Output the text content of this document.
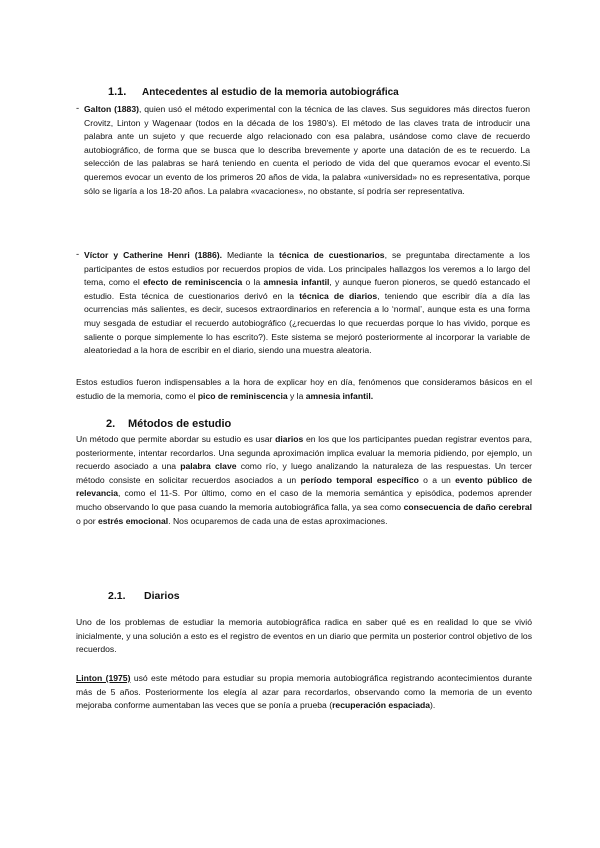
1.1. Antecedentes al estudio de la memoria autobiográfica
- Galton (1883), quien usó el método experimental con la técnica de las claves. Sus seguidores más directos fueron Crovitz, Linton y Wagenaar (todos en la década de los 1980’s). El método de las claves trata de introducir una palabra ante un sujeto y que recuerde algo relacionado con esa palabra, usándose como clave de recuerdo autobiográfico, de forma que se busca que lo describa brevemente y aporte una datación de es te recuerdo. La selección de las palabras se hará teniendo en cuenta el periodo de vida del que queramos evocar el evento.Si queremos evocar un evento de los primeros 20 años de vida, la palabra «universidad» no es representativa, porque sólo se ligaría a los 18-20 años. La palabra «vacaciones», no obstante, sí podría ser representativa.

- Víctor y Catherine Henri (1886). Mediante la técnica de cuestionarios, se preguntaba directamente a los participantes de estos estudios por recuerdos propios de vida. Los principales hallazgos los veremos a lo largo del tema, como el efecto de reminiscencia o la amnesia infantil, y aunque fueron pioneros, se quedó estancado el estudio. Esta técnica de cuestionarios derivó en la técnica de diarios, teniendo que escribir día a día las ocurrencias más salientes, es decir, sucesos extraordinarios en referencia a lo ‘normal’, aunque esta es una forma muy sesgada de estudiar el recuerdo autobiográfico (¿recuerdas lo que recuerdas porque lo has vivido, porque es saliente o porque simplemente lo has escrito?). Este sistema se mejoró posteriormente al incorporar la variable de aleatoriedad a la hora de escribir en el diario, siendo una muestra aleatoria.

Estos estudios fueron indispensables a la hora de explicar hoy en día, fenómenos que consideramos básicos en el estudio de la memoria, como el pico de reminiscencia y la amnesia infantil.

2. Métodos de estudio

Un método que permite abordar su estudio es usar diarios en los que los participantes puedan registrar eventos para, posteriormente, intentar recordarlos. Una segunda aproximación implica evaluar la memoria pidiendo, por ejemplo, un recuerdo asociado a una palabra clave como río, y luego analizando la naturaleza de las respuestas. Un tercer método consiste en solicitar recuerdos asociados a un período temporal específico o a un evento público de relevancia, como el 11-S. Por último, como en el caso de la memoria semántica y episódica, podemos aprender mucho observando lo que pasa cuando la memoria autobiográfica falla, ya sea como consecuencia de daño cerebral o por estrés emocional. Nos ocuparemos de cada una de estas aproximaciones.

2.1. Diarios

Uno de los problemas de estudiar la memoria autobiográfica radica en saber qué es en realidad lo que se vivió inicialmente, y una solución a esto es el registro de eventos en un diario que permita un posterior control objetivo de los recuerdos.

Linton (1975) usó este método para estudiar su propia memoria autobiográfica registrando acontecimientos durante más de 5 años. Posteriormente los elegía al azar para recordarlos, observando como la memoria de un evento mejoraba conforme aumentaban las veces que se ponía a prueba (recuperación espaciada).
